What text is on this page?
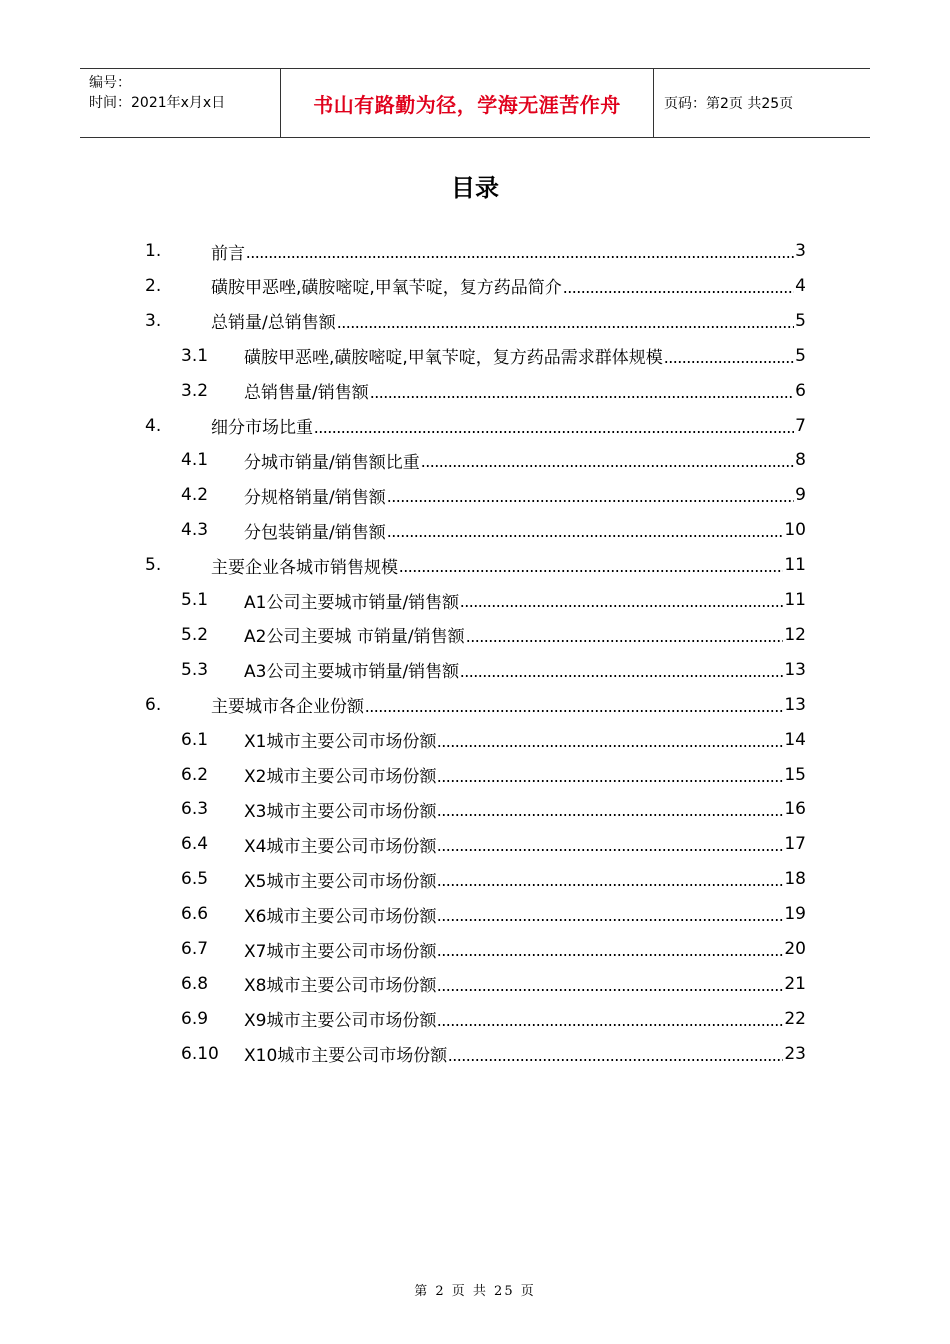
编号：
时间：2021年x月x日	书山有路勤为径，学海无涯苦作舟	页码：第2页 共25页
目录
1.	前言	3
2.	磺胺甲恶唑,磺胺嘧啶,甲氧苄啶，复方药品简介	4
3.	总销量/总销售额	5
3.1 磺胺甲恶唑,磺胺嘧啶,甲氧苄啶，复方药品需求群体规模	5
3.2 总销售量/销售额	6
4.	细分市场比重	7
4.1 分城市销量/销售额比重	8
4.2 分规格销量/销售额	9
4.3 分包装销量/销售额	10
5.	主要企业各城市销售规模	11
5.1 A1公司主要城市销量/销售额	11
5.2 A2公司主要城 市销量/销售额	12
5.3 A3公司主要城市销量/销售额	13
6.	主要城市各企业份额	13
6.1 X1城市主要公司市场份额	14
6.2 X2城市主要公司市场份额	15
6.3 X3城市主要公司市场份额	16
6.4 X4城市主要公司市场份额	17
6.5 X5城市主要公司市场份额	18
6.6 X6城市主要公司市场份额	19
6.7 X7城市主要公司市场份额	20
6.8 X8城市主要公司市场份额	21
6.9 X9城市主要公司市场份额	22
6.10 X10城市主要公司市场份额	23
第 2 页 共 25 页
